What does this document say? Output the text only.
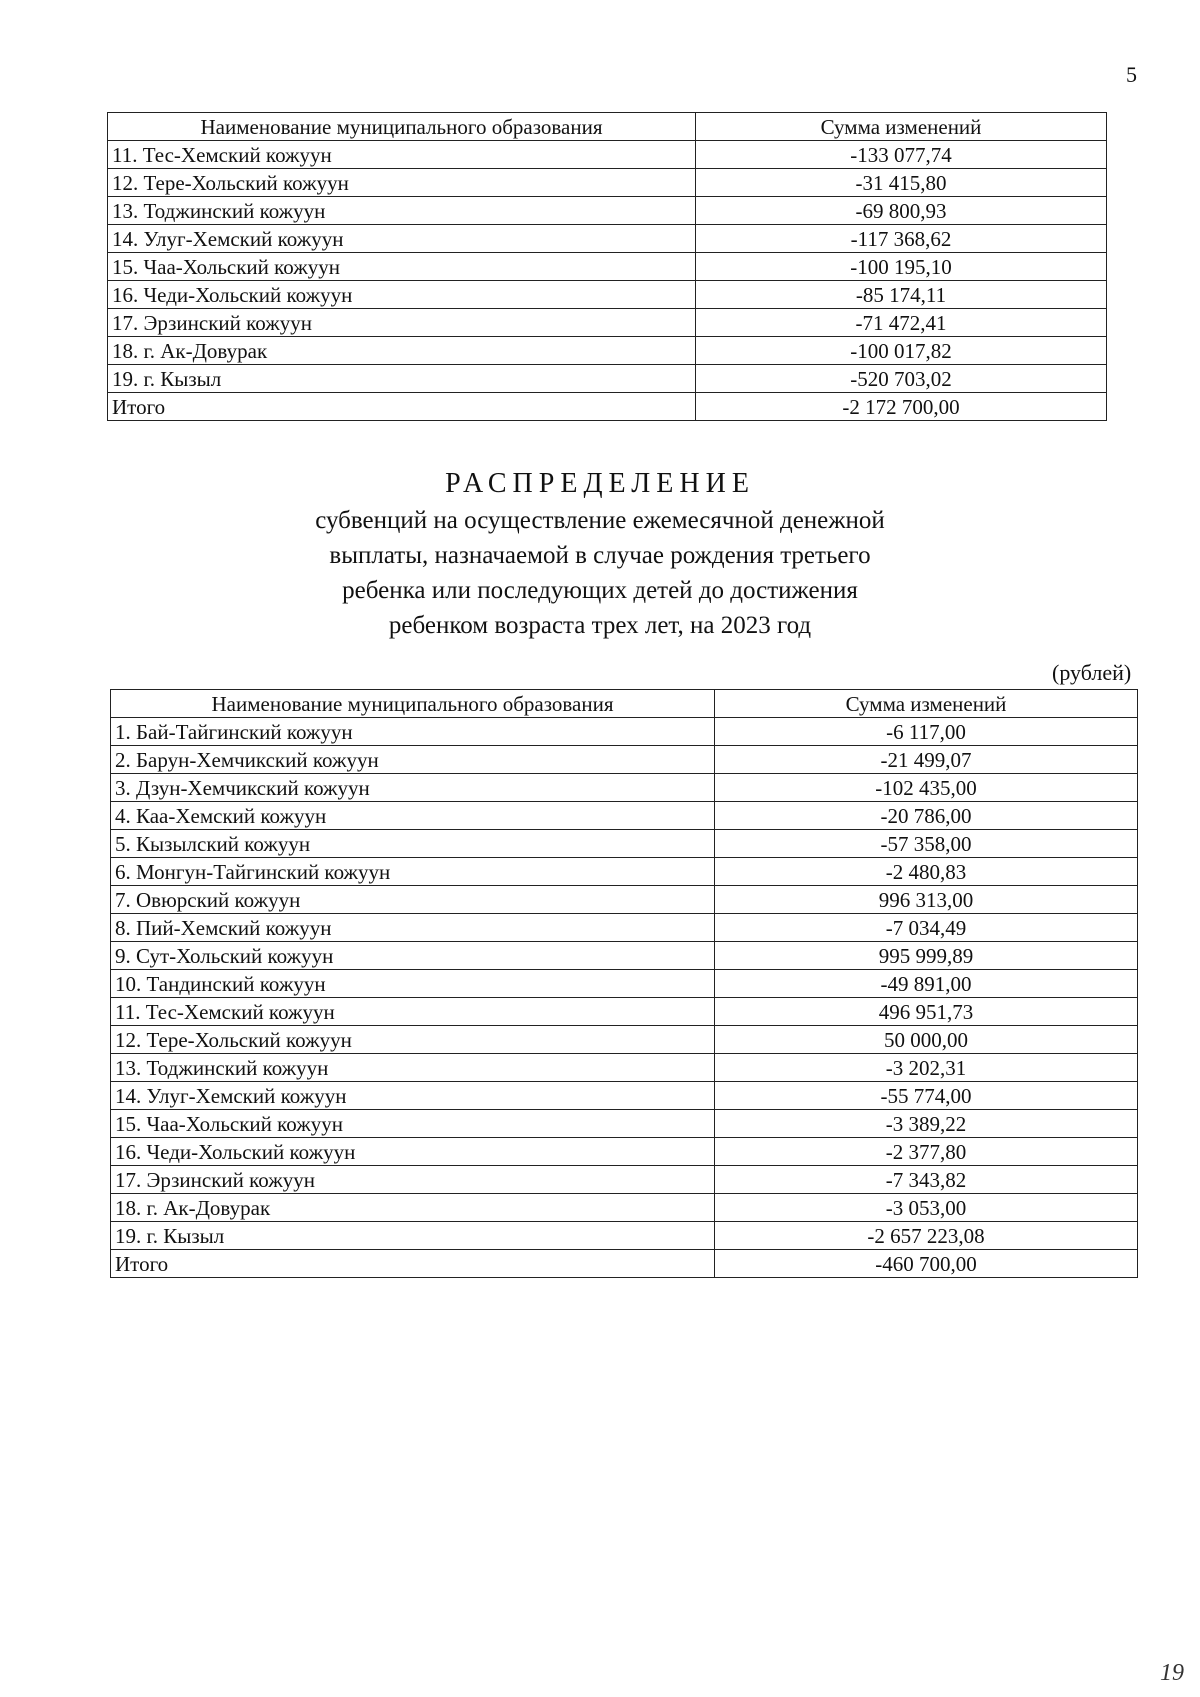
5
Наименование муниципального образования	Сумма изменений
11. Тес-Хемский кожуун	-133 077,74
12. Тере-Хольский кожуун	-31 415,80
13. Тоджинский кожуун	-69 800,93
14. Улуг-Хемский кожуун	-117 368,62
15. Чаа-Хольский кожуун	-100 195,10
16. Чеди-Хольский кожуун	-85 174,11
17. Эрзинский кожуун	-71 472,41
18. г. Ак-Довурак	-100 017,82
19. г. Кызыл	-520 703,02
Итого	-2 172 700,00
РАСПРЕДЕЛЕНИЕ
субвенций на осуществление ежемесячной денежной
выплаты, назначаемой в случае рождения третьего
ребенка или последующих детей до достижения
ребенком возраста трех лет, на 2023 год
(рублей)
Наименование муниципального образования	Сумма изменений
1. Бай-Тайгинский кожуун	-6 117,00
2. Барун-Хемчикский кожуун	-21 499,07
3. Дзун-Хемчикский кожуун	-102 435,00
4. Каа-Хемский кожуун	-20 786,00
5. Кызылский кожуун	-57 358,00
6. Монгун-Тайгинский кожуун	-2 480,83
7. Овюрский кожуун	996 313,00
8. Пий-Хемский кожуун	-7 034,49
9. Сут-Хольский кожуун	995 999,89
10. Тандинский кожуун	-49 891,00
11. Тес-Хемский кожуун	496 951,73
12. Тере-Хольский кожуун	50 000,00
13. Тоджинский кожуун	-3 202,31
14. Улуг-Хемский кожуун	-55 774,00
15. Чаа-Хольский кожуун	-3 389,22
16. Чеди-Хольский кожуун	-2 377,80
17. Эрзинский кожуун	-7 343,82
18. г. Ак-Довурак	-3 053,00
19. г. Кызыл	-2 657 223,08
Итого	-460 700,00
19
